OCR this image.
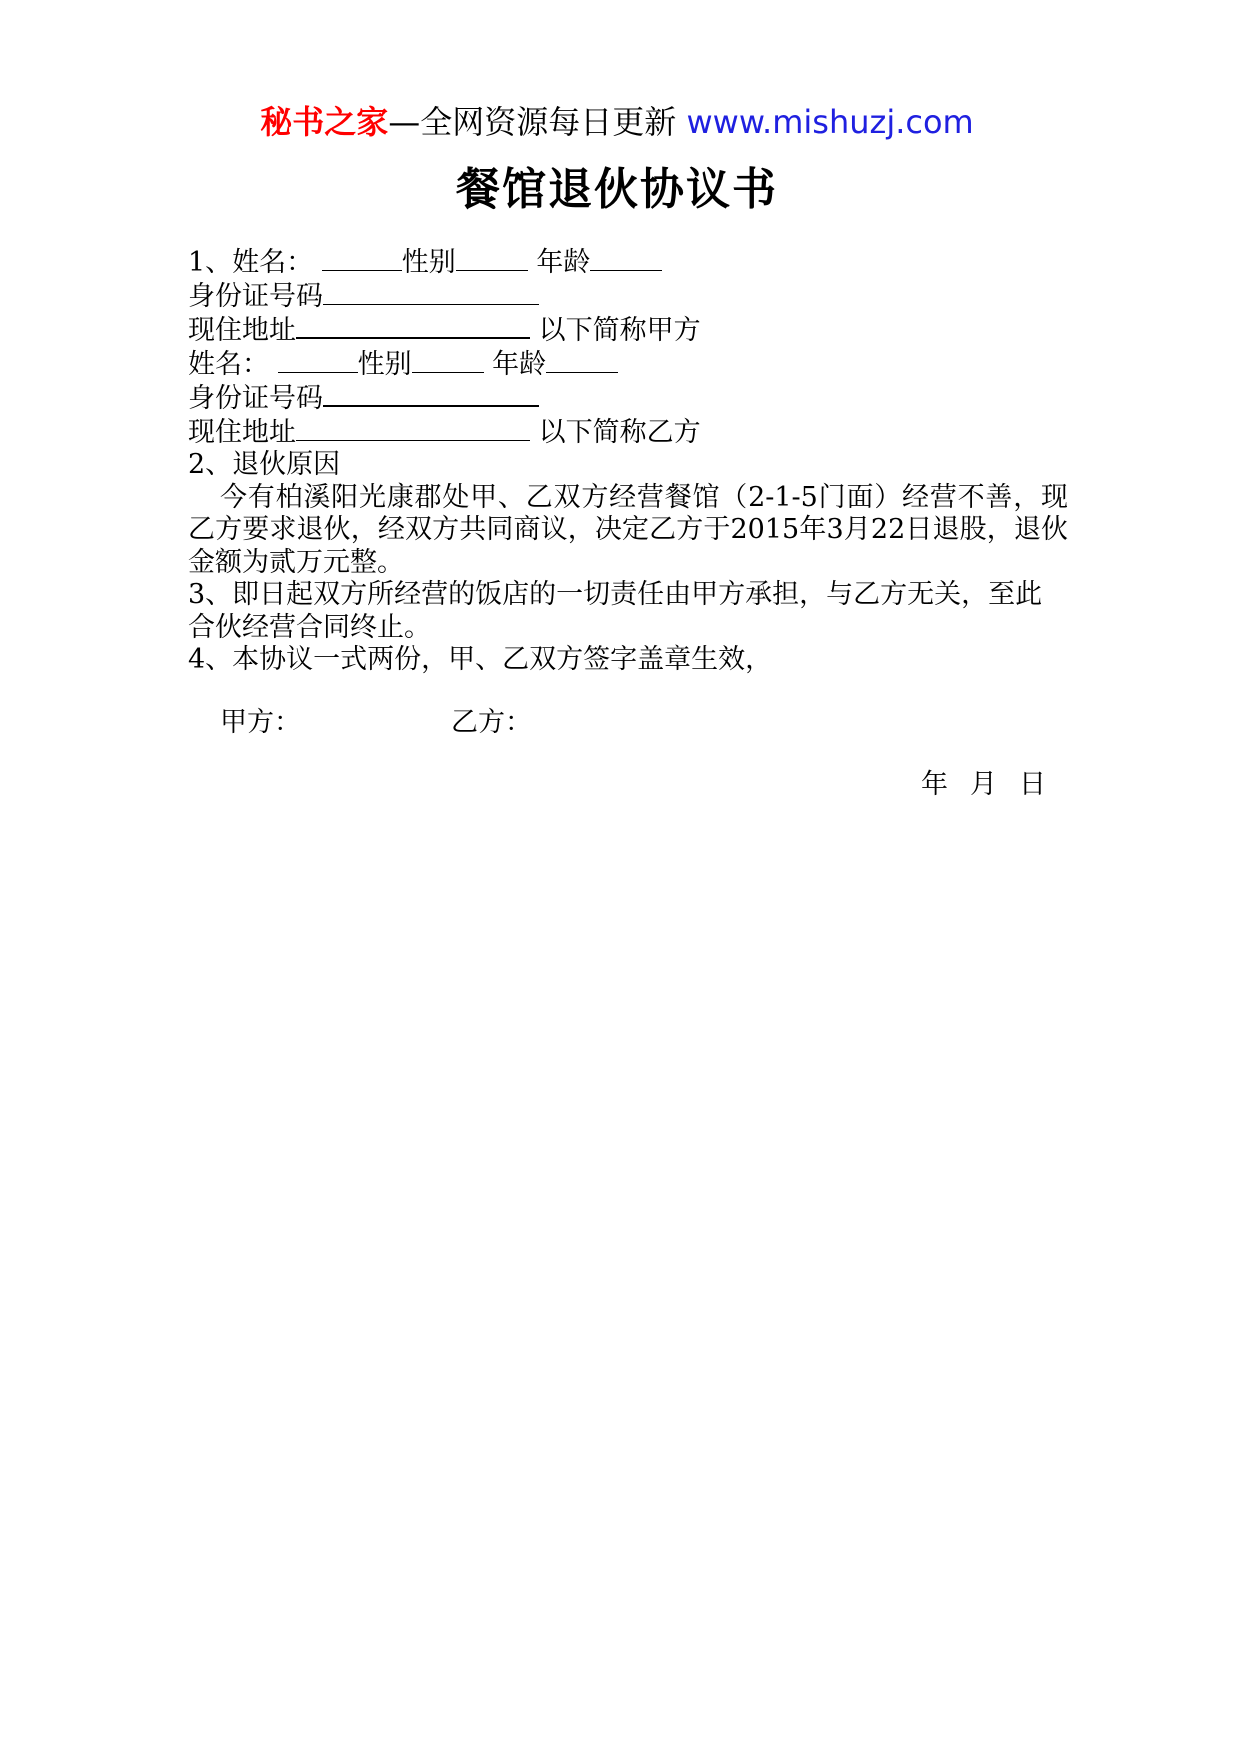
秘书之家—全网资源每日更新 www.mishuzj.com
餐馆退伙协议书
1、姓名：	性别	年龄
身份证号码
现住地址	以下简称甲方
姓名：	性别	年龄
身份证号码
现住地址	以下简称乙方
2、退伙原因
今有柏溪阳光康郡处甲、乙双方经营餐馆（2-1-5门面）经营不善，现乙方要求退伙，经双方共同商议，决定乙方于2015年3月22日退股，退伙金额为贰万元整。
3、即日起双方所经营的饭店的一切责任由甲方承担，与乙方无关，至此合伙经营合同终止。
4、本协议一式两份，甲、乙双方签字盖章生效，
甲方：	乙方：
年 月 日
